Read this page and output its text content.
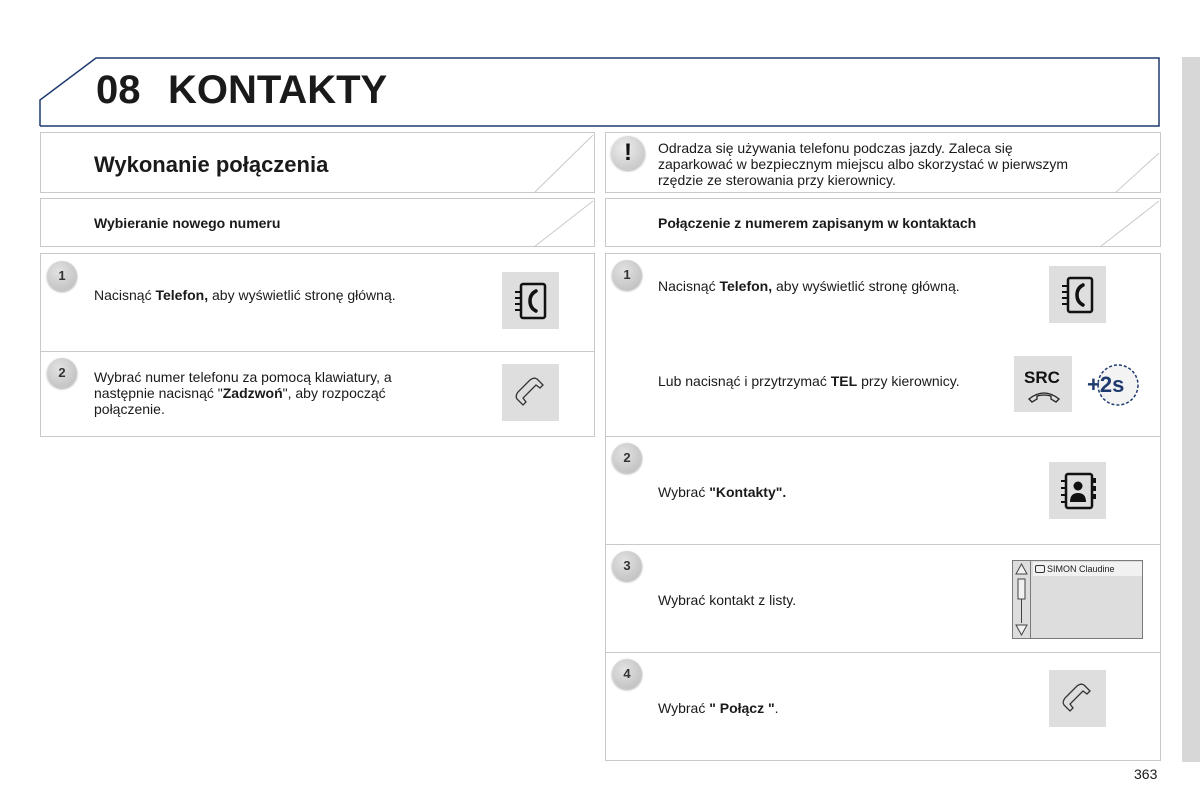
08 KONTAKTY
Wykonanie połączenia
Wybieranie nowego numeru
1
Nacisnąć Telefon, aby wyświetlić stronę główną.
2	Wybrać numer telefonu za pomocą klawiatury, a następnie nacisnąć "Zadzwoń", aby rozpocząć połączenie.
!	Odradza się używania telefonu podczas jazdy. Zaleca się zaparkować w bezpiecznym miejscu albo skorzystać w pierwszym rzędzie ze sterowania przy kierownicy.
Połączenie z numerem zapisanym w kontaktach
1
Nacisnąć Telefon, aby wyświetlić stronę główną.
Lub nacisnąć i przytrzymać TEL przy kierownicy.	SRC +2s
2
Wybrać "Kontakty".
3
Wybrać kontakt z listy.
4
Wybrać " Połącz ".
SIMON Claudine
363
